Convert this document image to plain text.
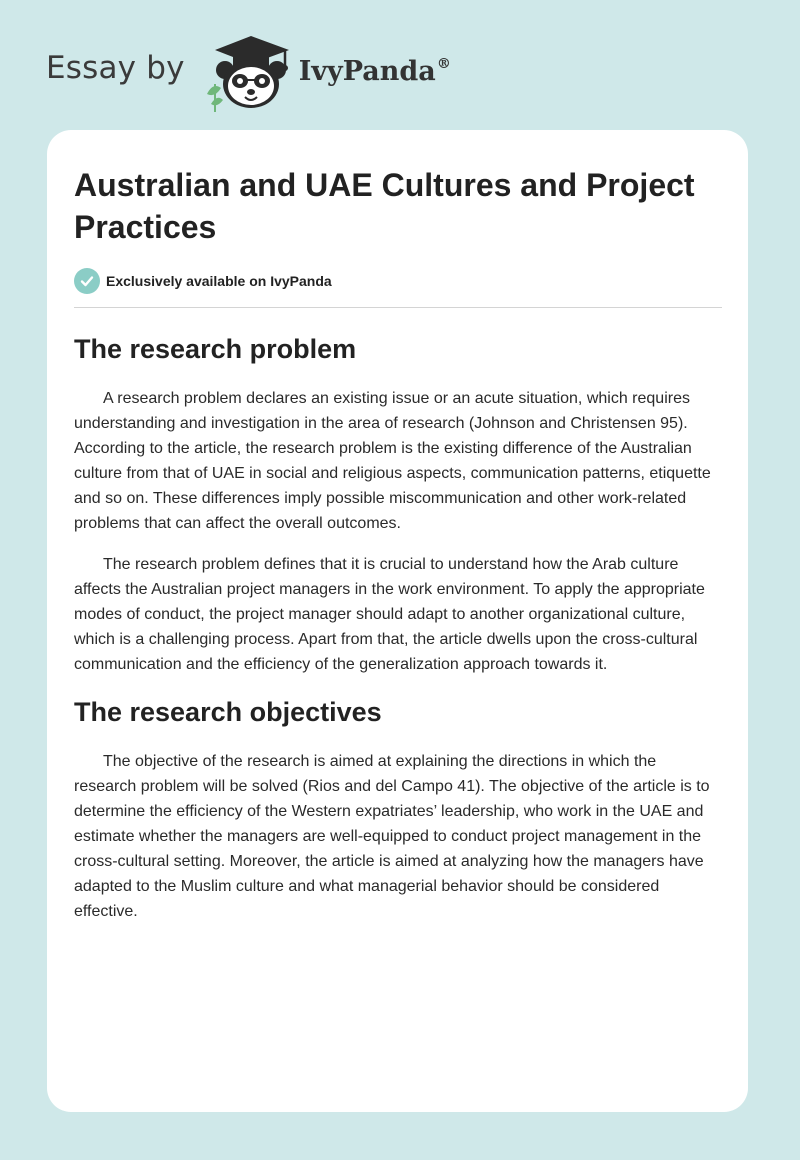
Essay by	IvyPanda®
Australian and UAE Cultures and Project Practices
Exclusively available on IvyPanda
The research problem

A research problem declares an existing issue or an acute situation, which requires understanding and investigation in the area of research (Johnson and Christensen 95). According to the article, the research problem is the existing difference of the Australian culture from that of UAE in social and religious aspects, communication patterns, etiquette and so on. These differences imply possible miscommunication and other work-related problems that can affect the overall outcomes.

The research problem defines that it is crucial to understand how the Arab culture affects the Australian project managers in the work environment. To apply the appropriate modes of conduct, the project manager should adapt to another organizational culture, which is a challenging process. Apart from that, the article dwells upon the cross-cultural communication and the efficiency of the generalization approach towards it.

The research objectives

The objective of the research is aimed at explaining the directions in which the research problem will be solved (Rios and del Campo 41). The objective of the article is to determine the efficiency of the Western expatriates’ leadership, who work in the UAE and estimate whether the managers are well-equipped to conduct project management in the cross-cultural setting. Moreover, the article is aimed at analyzing how the managers have adapted to the Muslim culture and what managerial behavior should be considered effective.
